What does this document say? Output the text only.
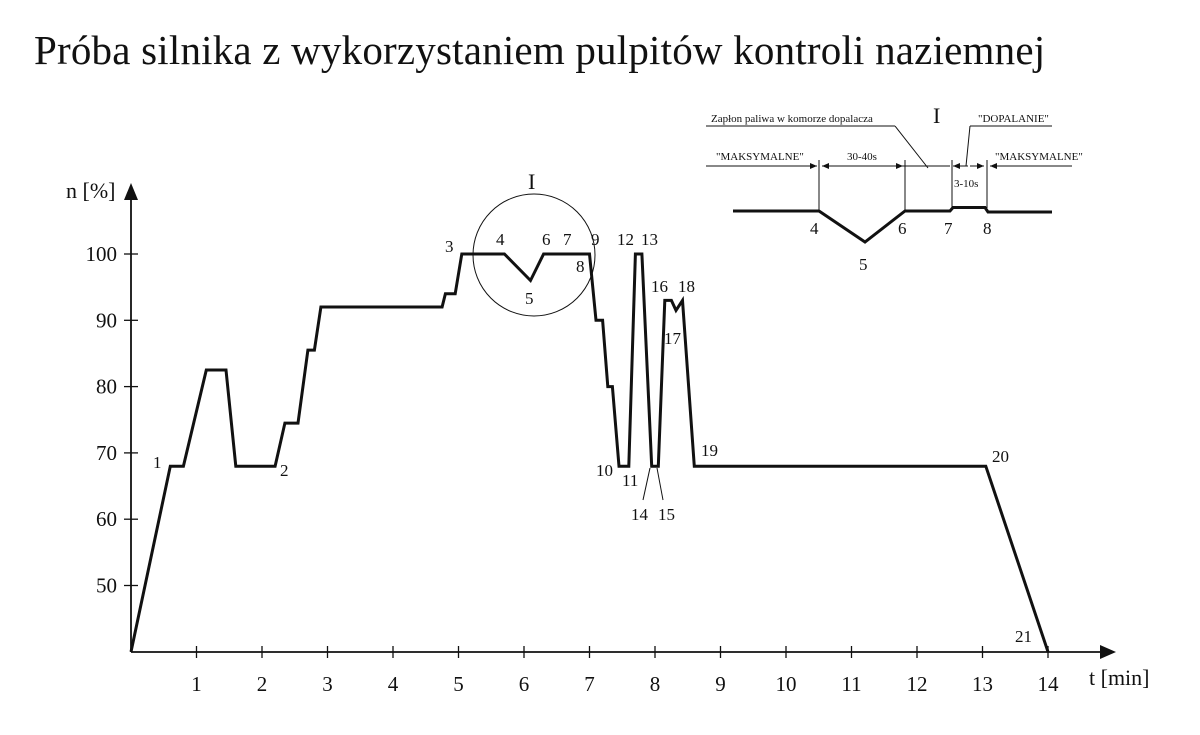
Próba silnika z wykorzystaniem pulpitów kontroli naziemnej
n [%]
t [min]
1	2	3	4	5	6	7	8	9 10 11 12 13 14
50
60
70
80
90
100
I
1	2
3	4
5
6 7
8
9
10
11
12 13
14 15
16
17
18
19	20
21
I
Zapłon paliwa w komorze dopalacza	"DOPALANIE"
"MAKSYMALNE"	"MAKSYMALNE"
30-40s
3-10s
4
5
6 7 8
